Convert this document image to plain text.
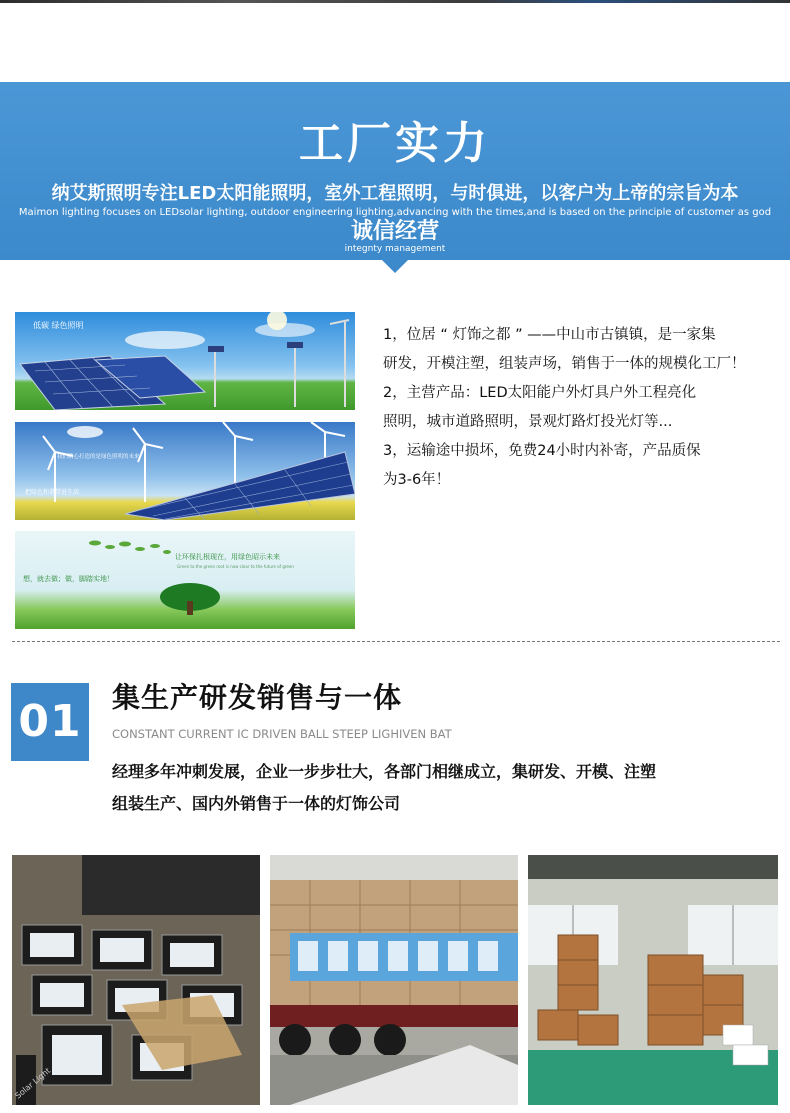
工厂实力
纳艾斯照明专注LED太阳能照明，室外工程照明，与时俱进，以客户为上帝的宗旨为本
Maimon lighting focuses on LEDsolar lighting, outdoor engineering lighting,advancing with the times,and is based on the principle of customer as god
诚信经营
integnty management
低碳 绿色照明
我们精心打造的是绿色照明的未来
把绿色和谐带进生活
让环保扎根现在，用绿色昭示未来
Green to the green root is now clear to the future of green
想，就去做；做，脚踏实地！
1，位居 “ 灯饰之都 ” ——中山市古镇镇，是一家集
研发，开模注塑，组装声场，销售于一体的规模化工厂！
2，主营产品：LED太阳能户外灯具户外工程亮化
照明，城市道路照明，景观灯路灯投光灯等...
3，运输途中损坏，免费24小时内补寄，产品质保
为3-6年！
01 集生产研发销售与一体
CONSTANT CURRENT IC DRIVEN BALL STEEP LIGHIVEN BAT
经理多年冲刺发展，企业一步步壮大，各部门相继成立，集研发、开模、注塑
组装生产、国内外销售于一体的灯饰公司
Solar Light
